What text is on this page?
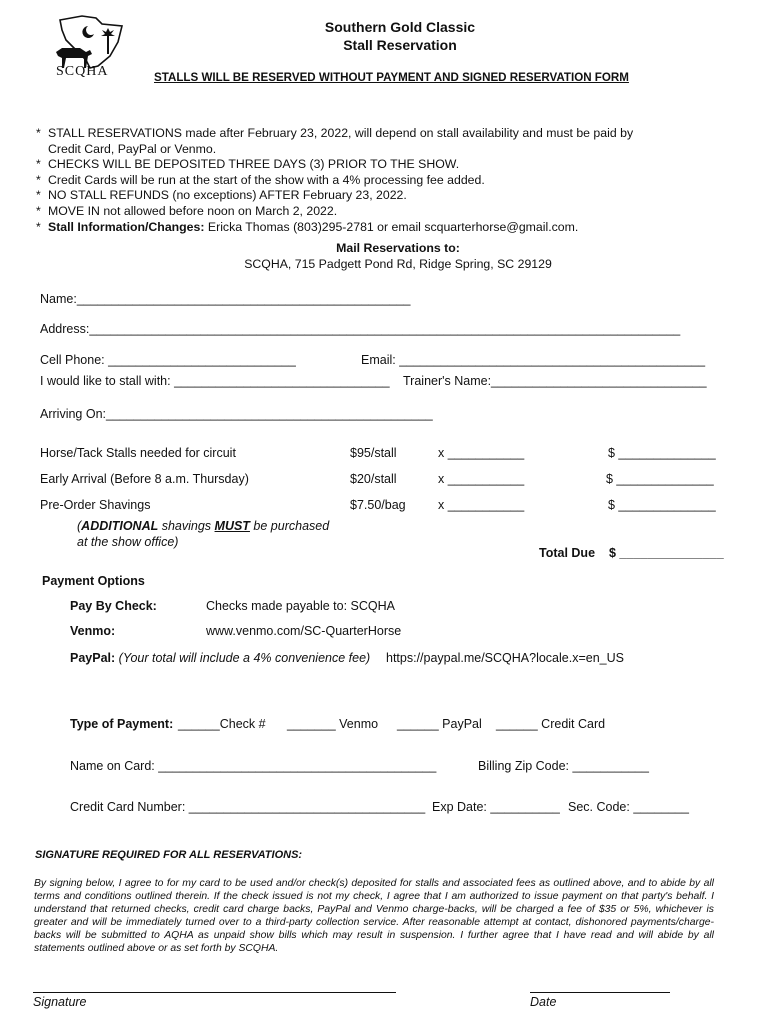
SCQHA
Southern Gold Classic
Stall Reservation
STALLS WILL BE RESERVED WITHOUT PAYMENT AND SIGNED RESERVATION FORM
* STALL RESERVATIONS made after February 23, 2022, will depend on stall availability and must be paid by
Credit Card, PayPal or Venmo.
* CHECKS WILL BE DEPOSITED THREE DAYS (3) PRIOR TO THE SHOW.
* Credit Cards will be run at the start of the show with a 4% processing fee added.
* NO STALL REFUNDS (no exceptions) AFTER February 23, 2022.
* MOVE IN not allowed before noon on March 2, 2022.
* Stall Information/Changes: Ericka Thomas (803)295-2781 or email scquarterhorse@gmail.com.
Mail Reservations to:
SCQHA, 715 Padgett Pond Rd, Ridge Spring, SC 29129
Name:________________________________________________
Address:_____________________________________________________________________________________
Cell Phone: ___________________________	Email: ____________________________________________
I would like to stall with: _______________________________ Trainer's Name:_______________________________
Arriving On:_______________________________________________
Horse/Tack Stalls needed for circuit	$95/stall	x ___________	$ ______________
Early Arrival (Before 8 a.m. Thursday)	$20/stall	x ___________	$ ______________
Pre-Order Shavings	$7.50/bag	x ___________	$ ______________
(ADDITIONAL shavings MUST be purchased
at the show office)
Total Due $ _______________
Payment Options
Pay By Check:	Checks made payable to: SCQHA
Venmo:	www.venmo.com/SC-QuarterHorse
PayPal: (Your total will include a 4% convenience fee) https://paypal.me/SCQHA?locale.x=en_US
Type of Payment: ______Check # _______ Venmo ______ PayPal ______ Credit Card
Name on Card: ________________________________________	Billing Zip Code: ___________
Credit Card Number: __________________________________ Exp Date: __________ Sec. Code: ________
SIGNATURE REQUIRED FOR ALL RESERVATIONS:
By signing below, I agree to for my card to be used and/or check(s) deposited for stalls and associated fees as outlined above, and to abide by all terms and conditions outlined therein. If the check issued is not my check, I agree that I am authorized to issue payment on that party's behalf. I understand that returned checks, credit card charge backs, PayPal and Venmo charge-backs, will be charged a fee of $35 or 5%, whichever is greater and will be immediately turned over to a third-party collection service. After reasonable attempt at contact, dishonored payments/charge-backs will be submitted to AQHA as unpaid show bills which may result in suspension. I further agree that I have read and will abide by all statements outlined above or as set forth by SCQHA.
Signature	Date
